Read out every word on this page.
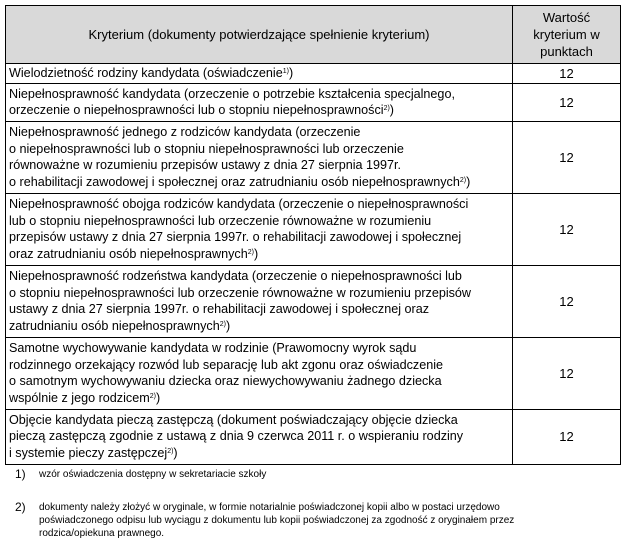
Kryterium (dokumenty potwierdzające spełnienie kryterium)	Wartość kryterium w punktach
Wielodzietność rodziny kandydata (oświadczenie$^{1)}$)	12
Niepełnosprawność kandydata (orzeczenie o potrzebie kształcenia specjalnego,
orzeczenie o niepełnosprawności lub o stopniu niepełnosprawności$^{2)}$)	12
Niepełnosprawność jednego z rodziców kandydata (orzeczenie
o niepełnosprawności lub o stopniu niepełnosprawności lub orzeczenie
równoważne w rozumieniu przepisów ustawy z dnia 27 sierpnia 1997r.
o rehabilitacji zawodowej i społecznej oraz zatrudnianiu osób niepełnosprawnych$^{2)}$)	12
Niepełnosprawność obojga rodziców kandydata (orzeczenie o niepełnosprawności
lub o stopniu niepełnosprawności lub orzeczenie równoważne w rozumieniu
przepisów ustawy z dnia 27 sierpnia 1997r. o rehabilitacji zawodowej i społecznej
oraz zatrudnianiu osób niepełnosprawnych$^{2)}$)	12
Niepełnosprawność rodzeństwa kandydata (orzeczenie o niepełnosprawności lub
o stopniu niepełnosprawności lub orzeczenie równoważne w rozumieniu przepisów
ustawy z dnia 27 sierpnia 1997r. o rehabilitacji zawodowej i społecznej oraz
zatrudnianiu osób niepełnosprawnych$^{2)}$)	12
Samotne wychowywanie kandydata w rodzinie (Prawomocny wyrok sądu
rodzinnego orzekający rozwód lub separację lub akt zgonu oraz oświadczenie
o samotnym wychowywaniu dziecka oraz niewychowywaniu żadnego dziecka
wspólnie z jego rodzicem$^{2)}$)	12
Objęcie kandydata pieczą zastępczą (dokument poświadczający objęcie dziecka
pieczą zastępczą zgodnie z ustawą z dnia 9 czerwca 2011 r. o wspieraniu rodziny
i systemie pieczy zastępczej$^{2)}$)	12
1)	wzór oświadczenia dostępny w sekretariacie szkoły
2)	dokumenty należy złożyć w oryginale, w formie notarialnie poświadczonej kopii albo w postaci urzędowo
poświadczonego odpisu lub wyciągu z dokumentu lub kopii poświadczonej za zgodność z oryginałem przez
rodzica/opiekuna prawnego.
